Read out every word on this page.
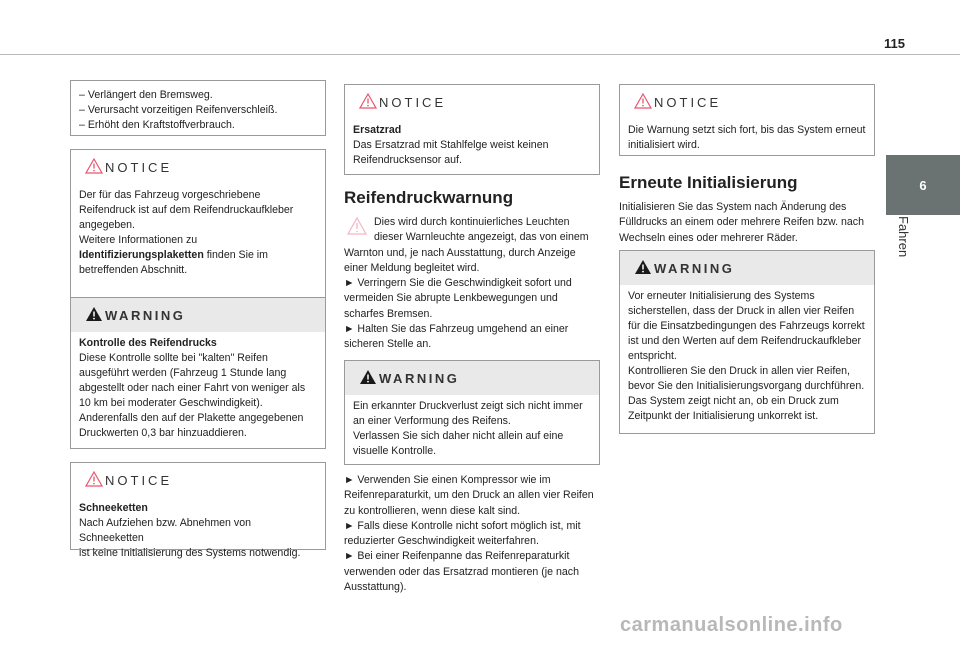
115
6
Fahren

– Verlängert den Bremsweg.

– Verursacht vorzeitigen Reifenverschleiß.

– Erhöht den Kraftstoffverbrauch.

NOTICE

Der für das Fahrzeug vorgeschriebene

Reifendruck ist auf dem Reifendruckaufkleber

angegeben.

Weitere Informationen zu

Identifizierungsplaketten finden Sie im

betreffenden Abschnitt.

WARNING

Kontrolle des Reifendrucks

Diese Kontrolle sollte bei "kalten" Reifen

ausgeführt werden (Fahrzeug 1 Stunde lang

abgestellt oder nach einer Fahrt von weniger als

10 km bei moderater Geschwindigkeit).

Anderenfalls den auf der Plakette angegebenen

Druckwerten 0,3 bar hinzuaddieren.

NOTICE

Schneeketten

Nach Aufziehen bzw. Abnehmen von Schneeketten

ist keine Initialisierung des Systems notwendig.

NOTICE

Ersatzrad

Das Ersatzrad mit Stahlfelge weist keinen

Reifendrucksensor auf.

Reifendruckwarnung

Dies wird durch kontinuierliches Leuchten

dieser Warnleuchte angezeigt, das von einem

Warnton und, je nach Ausstattung, durch Anzeige

einer Meldung begleitet wird.

► Verringern Sie die Geschwindigkeit sofort und

vermeiden Sie abrupte Lenkbewegungen und

scharfes Bremsen.

► Halten Sie das Fahrzeug umgehend an einer

sicheren Stelle an.

WARNING

Ein erkannter Druckverlust zeigt sich nicht immer

an einer Verformung des Reifens.

Verlassen Sie sich daher nicht allein auf eine

visuelle Kontrolle.

► Verwenden Sie einen Kompressor wie im

Reifenreparaturkit, um den Druck an allen vier Reifen

zu kontrollieren, wenn diese kalt sind.

► Falls diese Kontrolle nicht sofort möglich ist, mit

reduzierter Geschwindigkeit weiterfahren.

► Bei einer Reifenpanne das Reifenreparaturkit

verwenden oder das Ersatzrad montieren (je nach

Ausstattung).

NOTICE

Die Warnung setzt sich fort, bis das System erneut

initialisiert wird.

Erneute Initialisierung

Initialisieren Sie das System nach Änderung des

Fülldrucks an einem oder mehrere Reifen bzw. nach

Wechseln eines oder mehrerer Räder.

WARNING

Vor erneuter Initialisierung des Systems

sicherstellen, dass der Druck in allen vier Reifen

für die Einsatzbedingungen des Fahrzeugs korrekt

ist und den Werten auf dem Reifendruckaufkleber

entspricht.

Kontrollieren Sie den Druck in allen vier Reifen,

bevor Sie den Initialisierungsvorgang durchführen.

Das System zeigt nicht an, ob ein Druck zum

Zeitpunkt der Initialisierung unkorrekt ist.

carmanualsonline.info
